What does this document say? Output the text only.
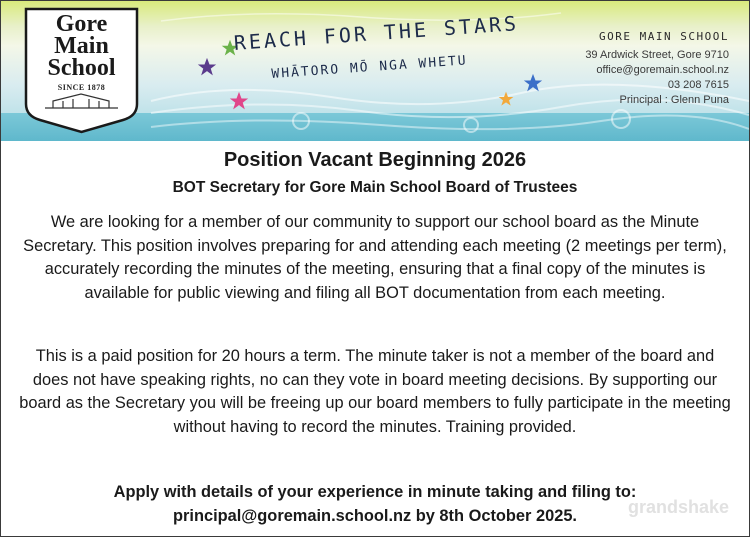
Gore
Main
School
SINCE 1878
REACH FOR THE STARS
WHĀTORO MŌ NGA WHETU
GORE MAIN SCHOOL
39 Ardwick Street, Gore 9710
office@goremain.school.nz
03 208 7615
Principal : Glenn Puna
Position Vacant Beginning 2026
BOT Secretary for Gore Main School Board of Trustees

We are looking for a member of our community to support our school board as the Minute Secretary. This position involves preparing for and attending each meeting (2 meetings per term), accurately recording the minutes of the meeting, ensuring that a final copy of the minutes is available for public viewing and filing all BOT documentation from each meeting.

This is a paid position for 20 hours a term. The minute taker is not a member of the board and does not have speaking rights, no can they vote in board meeting decisions. By supporting our board as the Secretary you will be freeing up our board members to fully participate in the meeting without having to record the minutes. Training provided.

Apply with details of your experience in minute taking and filing to:
principal@goremain.school.nz by 8th October 2025.	grandshake
